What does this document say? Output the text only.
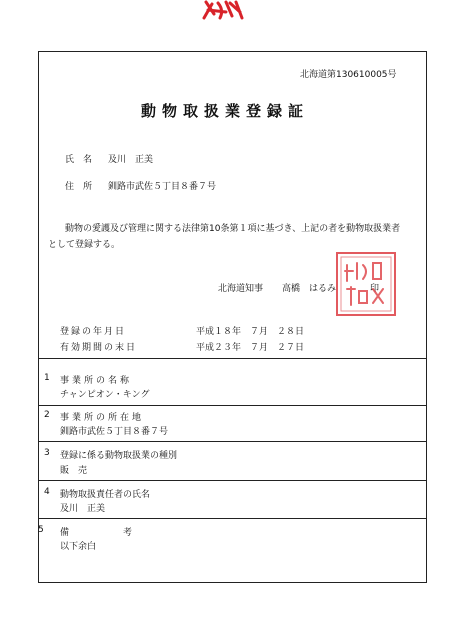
北海道第130610005号
動物取扱業登録証
氏　名 及川　正美
住　所 釧路市武佐５丁目８番７号
動物の愛護及び管理に関する法律第10条第１項に基づき、上記の者を動物取扱業者
として登録する。
北海道知事 高橋　はるみ	印
登録の年月日	平成１８年　７月　２８日
有効期間の末日	平成２３年　７月　２７日
1 事業所の名称
チャンピオン・キング
2 事業所の所在地
釧路市武佐５丁目８番７号
3 登録に係る動物取扱業の種別
販　売
4 動物取扱責任者の氏名
及川　正美
5 備　　　　　　考
以下余白
